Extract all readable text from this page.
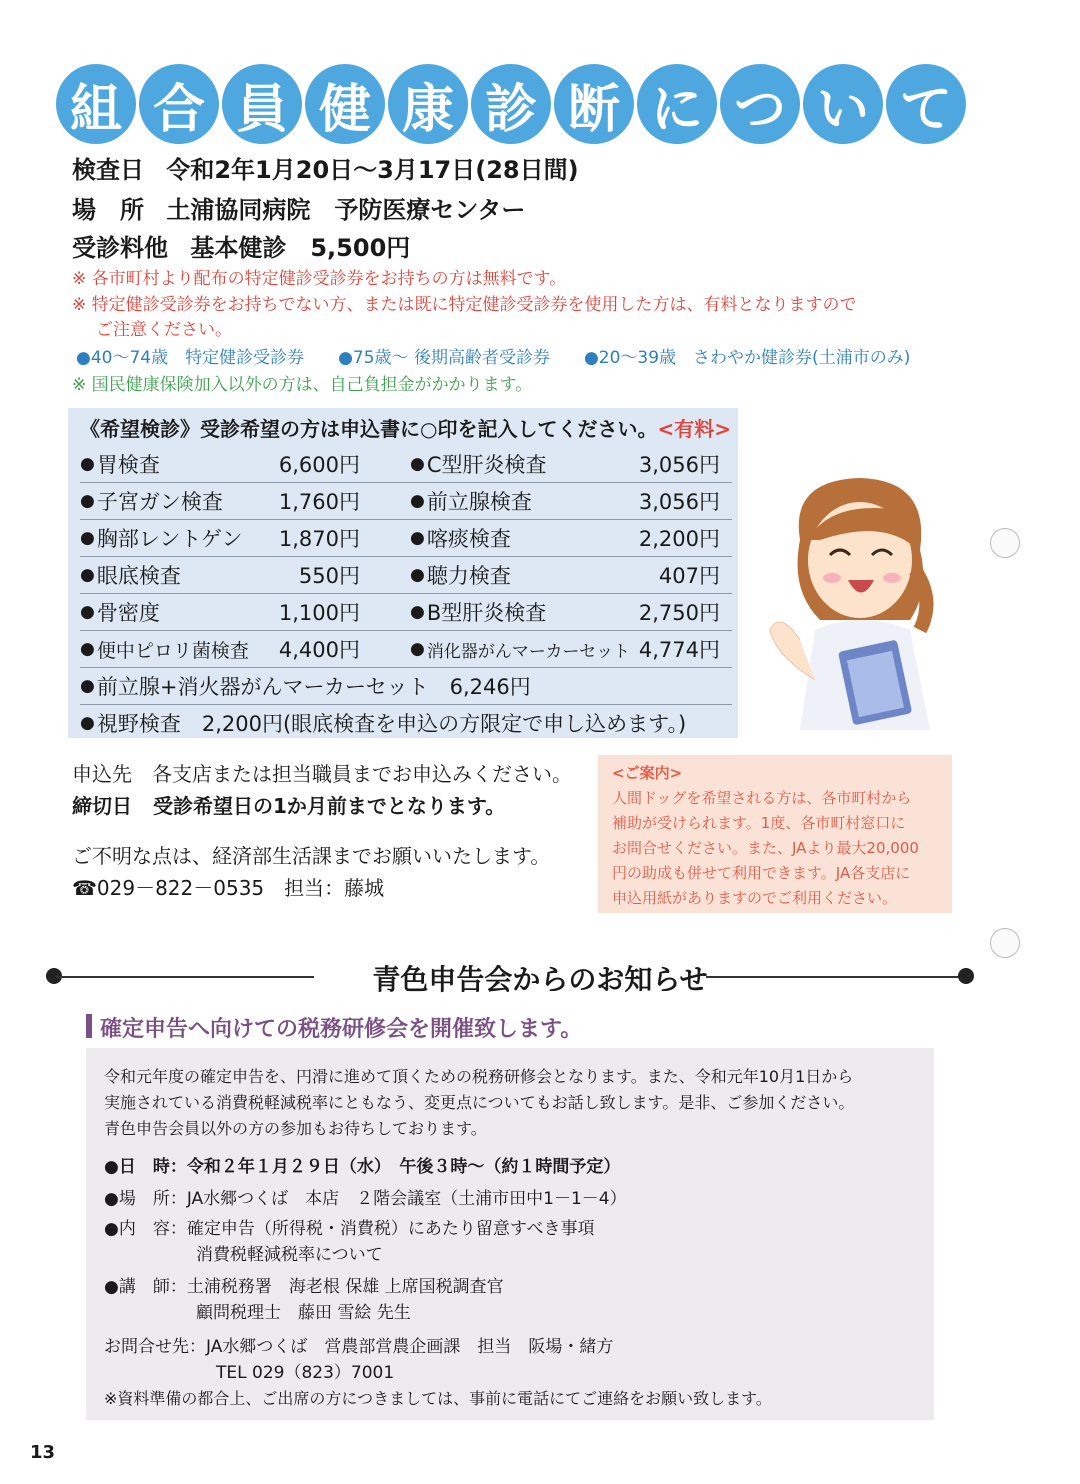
組 合 員 健 康 診 断 に つ い て
検査日 令和2年1月20日～3月17日(28日間)
場　所 土浦協同病院　予防医療センター
受診料他 基本健診　5,500円
※ 各市町村より配布の特定健診受診券をお持ちの方は無料です。
※ 特定健診受診券をお持ちでない方、または既に特定健診受診券を使用した方は、有料となりますので
ご注意ください。
●40～74歳　特定健診受診券　　●75歳～ 後期高齢者受診券　　●20～39歳　さわやか健診券(土浦市のみ)
※ 国民健康保険加入以外の方は、自己負担金がかかります。
《希望検診》受診希望の方は申込書に○印を記入してください。<有料>
● 胃検査	6,600円	● C型肝炎検査	3,056円
● 子宮ガン検査	1,760円	● 前立腺検査	3,056円
● 胸部レントゲン	1,870円	● 喀痰検査	2,200円
● 眼底検査	550円	● 聴力検査	407円
● 骨密度	1,100円	● B型肝炎検査	2,750円
● 便中ピロリ菌検査	4,400円	● 消化器がんマーカーセット 4,774円
● 前立腺+消火器がんマーカーセット　6,246円
● 視野検査　2,200円(眼底検査を申込の方限定で申し込めます。)
申込先　各支店または担当職員までお申込みください。
締切日 受診希望日の1か月前までとなります。
ご不明な点は、経済部生活課までお願いいたします。
☎029－822－0535　担当：藤城
<ご案内>
人間ドッグを希望される方は、各市町村から
補助が受けられます。1度、各市町村窓口に
お問合せください。また、JAより最大20,000
円の助成も併せて利用できます。JA各支店に
申込用紙がありますのでご利用ください。
青色申告会からのお知らせ
確定申告へ向けての税務研修会を開催致します。
令和元年度の確定申告を、円滑に進めて頂くための税務研修会となります。また、令和元年10月1日から
実施されている消費税軽減税率にともなう、変更点についてもお話し致します。是非、ご参加ください。
青色申告会員以外の方の参加もお待ちしております。
●日　時：令和２年１月２９日（水）　午後３時～（約１時間予定）
●場　所：JA水郷つくば　本店　２階会議室（土浦市田中1－1－4）
●内　容：確定申告（所得税・消費税）にあたり留意すべき事項
消費税軽減税率について
●講　師：土浦税務署　海老根 保雄 上席国税調査官
顧問税理士　藤田 雪絵 先生
お問合せ先：JA水郷つくば　営農部営農企画課　担当　阪場・緒方
TEL 029（823）7001
※資料準備の都合上、ご出席の方につきましては、事前に電話にてご連絡をお願い致します。
13
